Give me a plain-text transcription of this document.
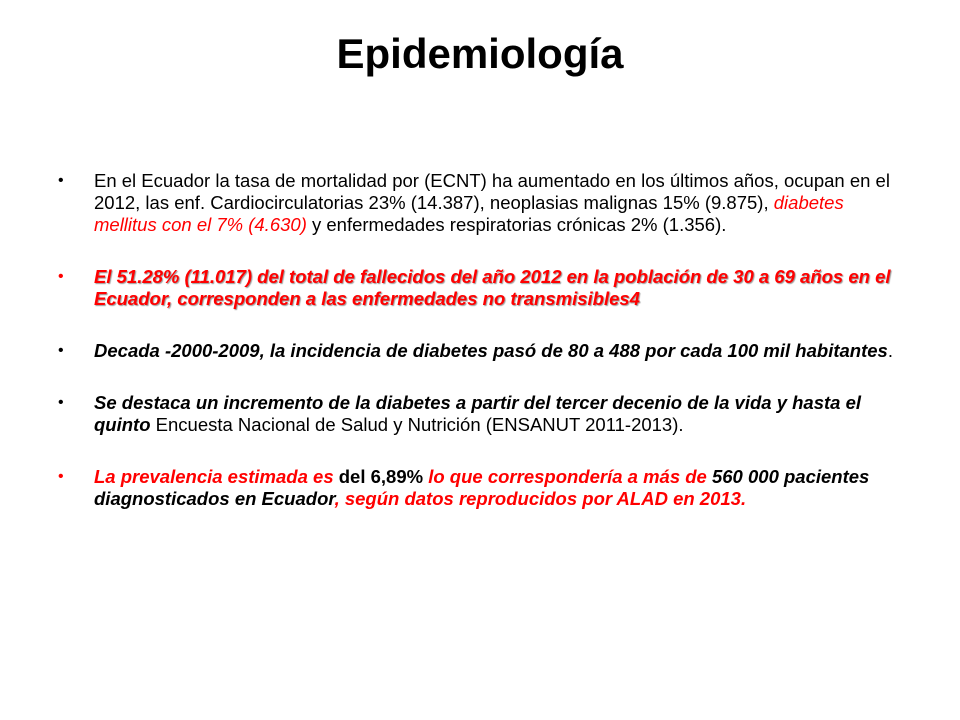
Epidemiología
• En el Ecuador la tasa de mortalidad por (ECNT) ha aumentado en los últimos años, ocupan en el 2012, las enf. Cardiocirculatorias 23% (14.387), neoplasias malignas 15% (9.875), diabetes mellitus con el 7% (4.630) y enfermedades respiratorias crónicas 2% (1.356).
• El 51.28% (11.017) del total de fallecidos del año 2012 en la población de 30 a 69 años en el Ecuador, corresponden a las enfermedades no transmisibles4
• Decada -2000-2009, la incidencia de diabetes pasó de 80 a 488 por cada 100 mil habitantes.
• Se destaca un incremento de la diabetes a partir del tercer decenio de la vida y hasta el quinto Encuesta Nacional de Salud y Nutrición (ENSANUT 2011-2013).
• La prevalencia estimada es del 6,89% lo que correspondería a más de 560 000 pacientes diagnosticados en Ecuador, según datos reproducidos por ALAD en 2013.
